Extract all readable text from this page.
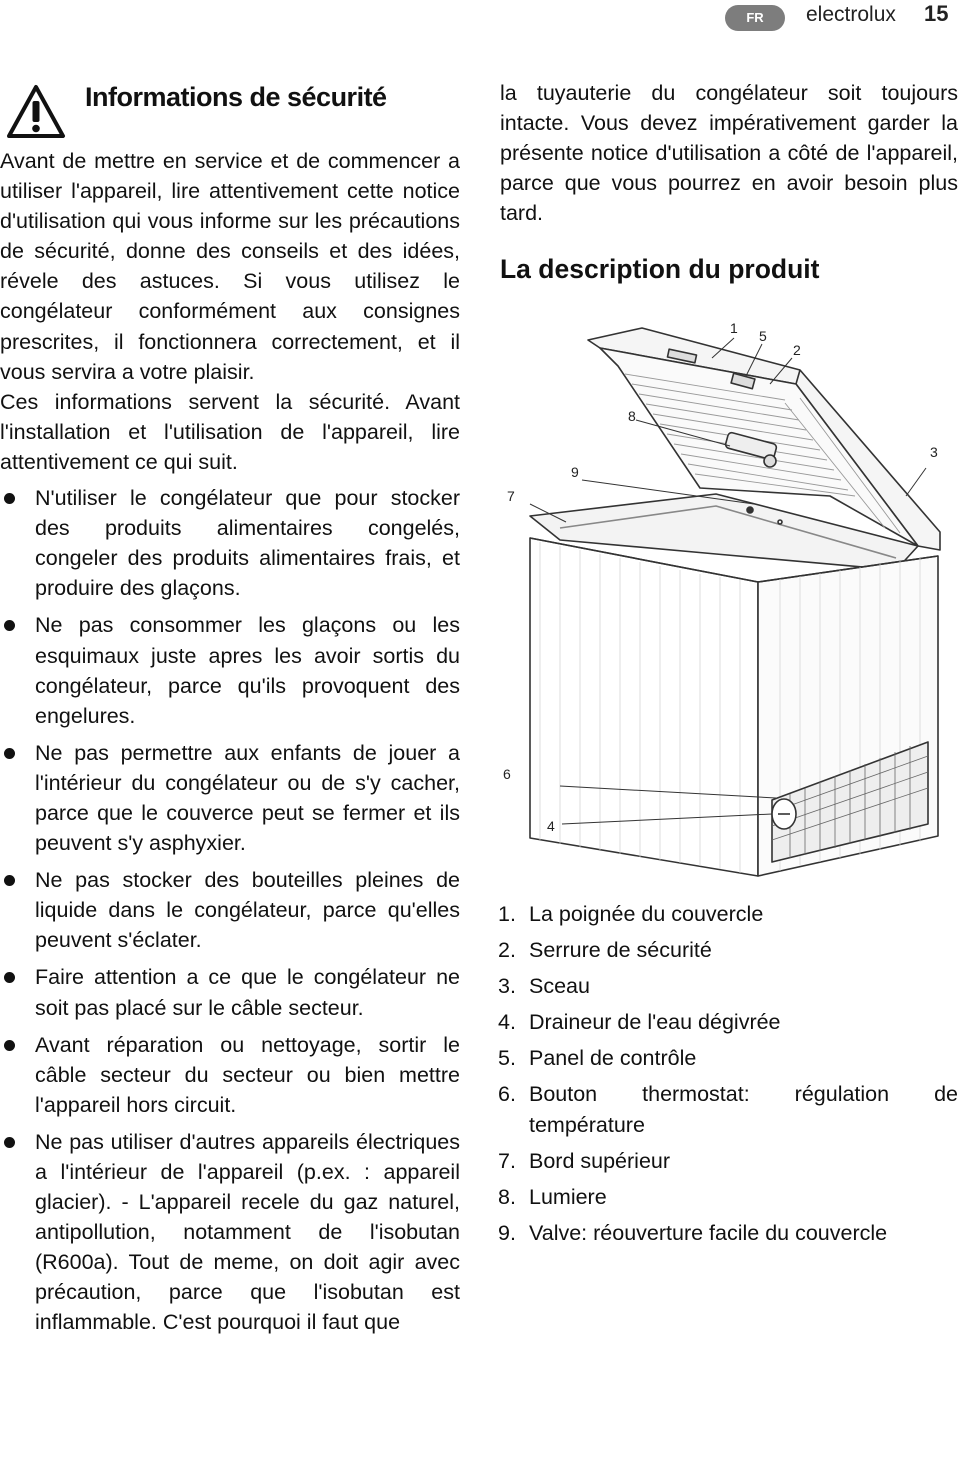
FR	electrolux 15
Informations de sécurité

Avant de mettre en service et de commencer a utiliser l'appareil, lire attentivement cette notice d'utilisation qui vous informe sur les précautions de sécurité, donne des conseils et des idées, révele des astuces. Si vous utilisez le congélateur conformément aux consignes prescrites, il fonctionnera correctement, et il vous servira a votre plaisir.

Ces informations servent la sécurité. Avant l'installation et l'utilisation de l'appareil, lire attentivement ce qui suit.

N'utiliser le congélateur que pour stocker des produits alimentaires congelés, congeler des produits alimentaires frais, et produire des glaçons.
Ne pas consommer les glaçons ou les esquimaux juste apres les avoir sortis du congélateur, parce qu'ils provoquent des engelures.
Ne pas permettre aux enfants de jouer a l'intérieur du congélateur ou de s'y cacher, parce que le couverce peut se fermer et ils peuvent s'y asphyxier.
Ne pas stocker des bouteilles pleines de liquide dans le congélateur, parce qu'elles peuvent s'éclater.
Faire attention a ce que le congélateur ne soit pas placé sur le câble secteur.
Avant réparation ou nettoyage, sortir le câble secteur du secteur ou bien mettre l'appareil hors circuit.
Ne pas utiliser d'autres appareils électriques a l'intérieur de l'appareil (p.ex. : appareil glacier). - L'appareil recele du gaz naturel, antipollution, notamment de l'isobutan (R600a). Tout de meme, on doit agir avec précaution, parce que l'isobutan est inflammable. C'est pourquoi il faut que

la tuyauterie du congélateur soit toujours intacte. Vous devez impérativement garder la présente notice d'utilisation a côté de l'appareil, parce que vous pourrez en avoir besoin plus tard.

La description du produit
1
2
3
4
5
6
7
8
9
1. La poignée du couvercle
2. Serrure de sécurité
3. Sceau
4. Draineur de l'eau dégivrée
5. Panel de contrôle
6. Bouton thermostat: régulation de température
7. Bord supérieur
8. Lumiere
9. Valve: réouverture facile du couvercle
